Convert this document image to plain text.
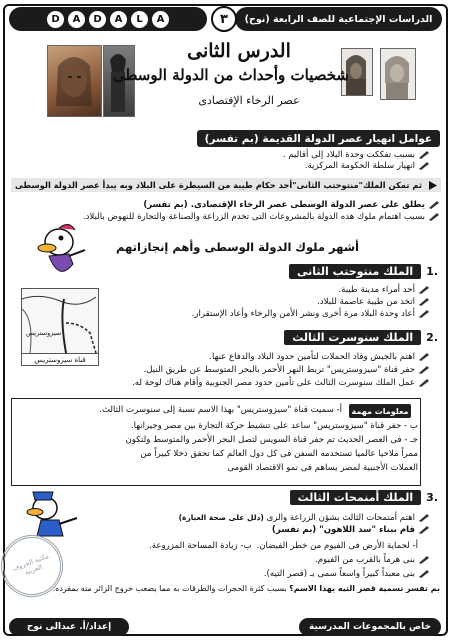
الدراسات الإجتماعية للصف الرابعة (نوح)
٣
A
L
A
D
A
D
الدرس الثانى
شخصيات وأحداث من الدولة الوسطى
عصر الرخاء الإقتصادى
عوامل انهيار عصر الدولة القديمة

(بم تفسر)
بسبب تفككت وحدة البلاد إلى أقاليم .
انهيار سلطة الحكومة المركزية.
ثم تمكن الملك"منتوحتب الثانى"أحد حكام طيبة من السيطرة على البلاد وبه يبدأ عصر الدولة الوسطى
يطلق على عصر الدولة الوسطى عصر الرخاء الإقتصادى. (بم تفسر)
بسبب اهتمام ملوك هذه الدولة بالمشروعات التى تخدم الزراعة والصناعة والتجارة للنهوض بالبلاد.
أشهر ملوك الدولة الوسطى وأهم إنجازاتهم
.1
الملك منتوحتب الثانى
أحد أمراء مدينة طيبة.
اتخذ من طيبة عاصمة للبلاد.
أعاد وحدة البلاد مرة أخرى ونشر الأمن والرخاء وأعاد الإستقرار.
سيزوستريس
قناة سيزوستريس
.2
الملك سنوسرت الثالث
اهتم بالجيش وقاد الحملات لتأمين حدود البلاد والدفاع عنها.
حفر قناة "سيزوستريس" تربط النهر الأحمر بالبحر المتوسط عن طريق النيل.
عمل الملك سنوسرت الثالث على تأمين حدود مصر الجنوبية وأقام هناك لوحة له.
معلومات مهمة
أ- سميت قناة "سيزوستريس" بهذا الاسم نسبة إلى سنوسرت الثالث.
ب - حفر قناة "سيزوستريس" ساعد على تنشيط حركة التجارة بين مصر وجيرانها.
جـ - فى العصر الحديث تم حفر قناة السويس لتصل البحر الأحمر والمتوسط ولتكون
ممراً ملاحيا عالميا تستخدمه السفن فى كل دول العالم كما تحقق دخلا كبيراً من
العملات الأجنبية لمصر يساهم فى نمو الاقتصاد القومى
.3
الملك أمنمحات الثالث
اهتم أمنمحات الثالث بشؤن الزراعة والرى (دلل على صحة العبارة)
قام ببناء "سد اللاهون" (بم تفسر)
أ- لحماية الأرض فى الفيوم من خطر الفيضان.
ب- زيادة المساحة المزروعة.
بنى هرماً بالقرب من الفيوم.
بنى معبداً كبيراً واسعاً سمى بـ (قصر التيه).
بم تفسر تسمية قصر التيه بهذا الاسم؟ بسبب كثرة الحجرات والطرقات به مما يصعب خروج الزائر منه بمفرده.
مكتبة الحروف العربية
خاص بالمجموعات المدرسية
إعداد/أ. عبدالى نوح
